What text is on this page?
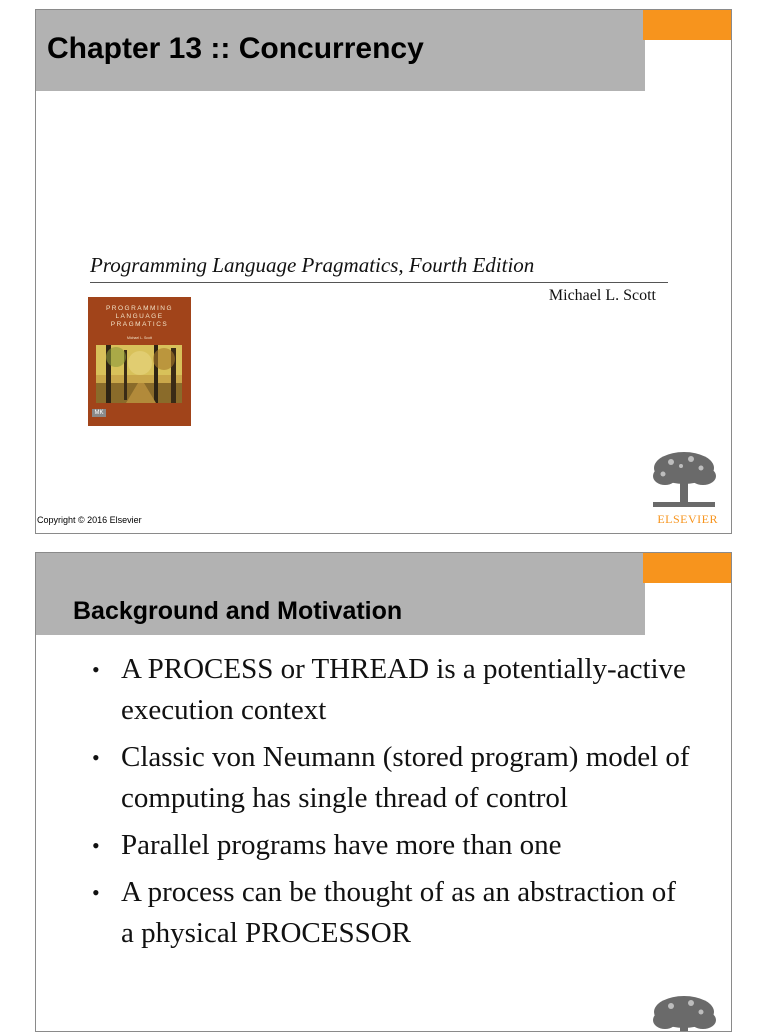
Chapter 13 :: Concurrency
Programming Language Pragmatics, Fourth Edition
Michael L. Scott
PROGRAMMING
LANGUAGE
PRAGMATICS
Michael L. Scott
MK
Copyright © 2016 Elsevier	ELSEVIER
Background and Motivation
• A PROCESS or THREAD is a potentially-active execution context
• Classic von Neumann (stored program) model of computing has single thread of control
• Parallel programs have more than one
• A process can be thought of as an abstraction of a physical PROCESSOR
